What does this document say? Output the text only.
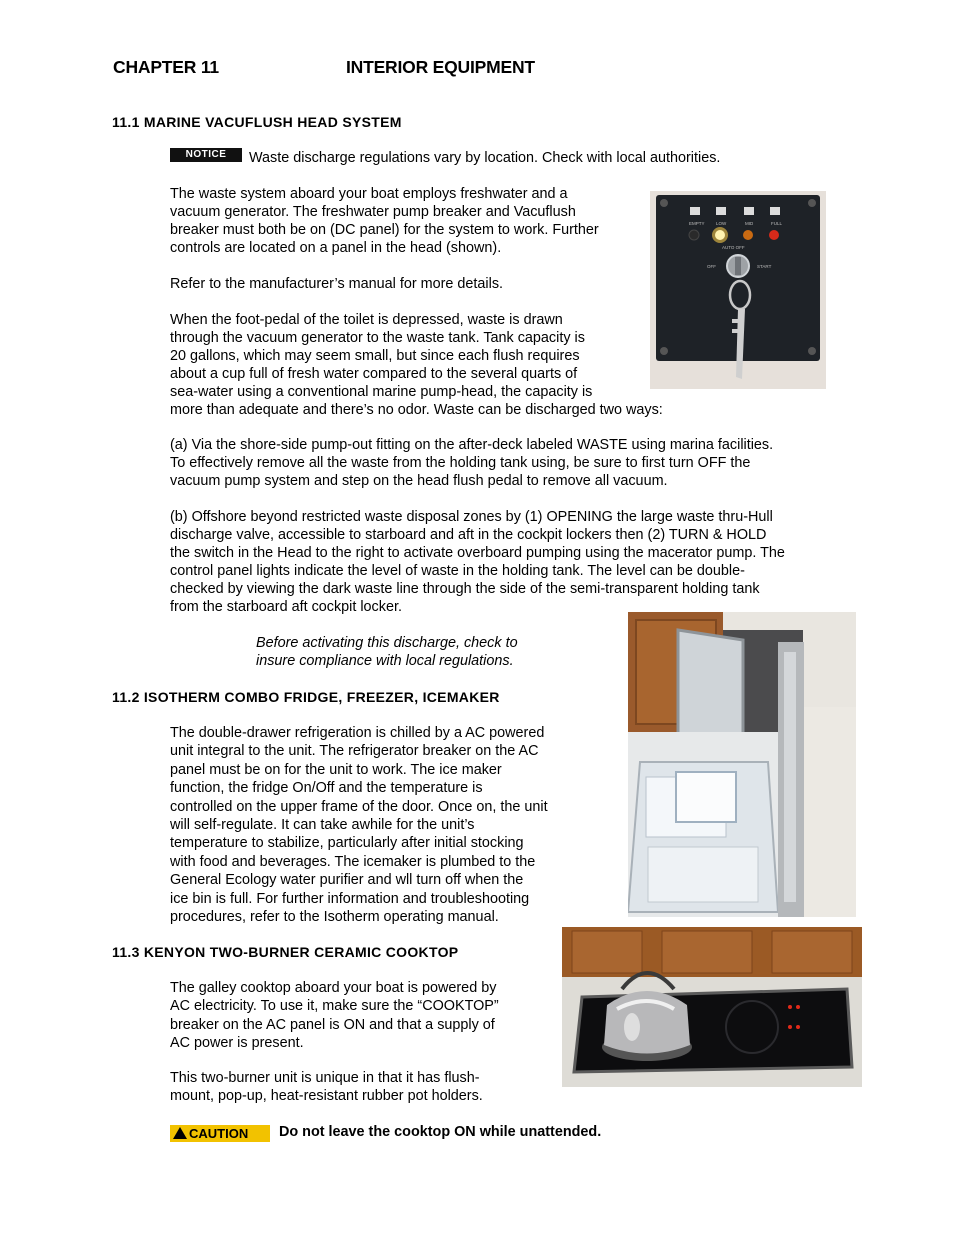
CHAPTER 11	INTERIOR EQUIPMENT
11.1 MARINE VACUFLUSH HEAD SYSTEM
NOTICE	Waste discharge regulations vary by location. Check with local authorities.

The waste system aboard your boat employs freshwater and a

vacuum generator. The freshwater pump breaker and Vacuflush

breaker must both be on (DC panel) for the system to work. Further

controls are located on a panel in the head (shown).

Refer to the manufacturer’s manual for more details.

When the foot-pedal of the toilet is depressed, waste is drawn

through the vacuum generator to the waste tank. Tank capacity is

20 gallons, which may seem small, but since each flush requires

about a cup full of fresh water compared to the several quarts of

sea-water using a conventional marine pump-head, the capacity is

more than adequate and there’s no odor. Waste can be discharged two ways:

(a) Via the shore-side pump-out fitting on the after-deck labeled WASTE using marina facilities.

To effectively remove all the waste from the holding tank using, be sure to first turn OFF the

vacuum pump system and step on the head flush pedal to remove all vacuum.

(b) Offshore beyond restricted waste disposal zones by (1) OPENING the large waste thru-Hull

discharge valve, accessible to starboard and aft in the cockpit lockers then (2) TURN & HOLD

the switch in the Head to the right to activate overboard pumping using the macerator pump. The

control panel lights indicate the level of waste in the holding tank. The level can be double-

checked by viewing the dark waste line through the side of the semi-transparent holding tank

from the starboard aft cockpit locker.

Before activating this discharge, check to
insure compliance with local regulations.
EMPTY	LOW	MID	FULL
AUTO OFF
OFF	START
11.2 ISOTHERM COMBO FRIDGE, FREEZER, ICEMAKER

The double-drawer refrigeration is chilled by a AC powered

unit integral to the unit. The refrigerator breaker on the AC

panel must be on for the unit to work. The ice maker

function, the fridge On/Off and the temperature is

controlled on the upper frame of the door. Once on, the unit

will self-regulate. It can take awhile for the unit’s

temperature to stabilize, particularly after initial stocking

with food and beverages. The icemaker is plumbed to the

General Ecology water purifier and wll turn off when the

ice bin is full. For further information and troubleshooting

procedures, refer to the Isotherm operating manual.

11.3 KENYON TWO-BURNER CERAMIC COOKTOP

The galley cooktop aboard your boat is powered by

AC electricity. To use it, make sure the “COOKTOP”

breaker on the AC panel is ON and that a supply of

AC power is present.

This two-burner unit is unique in that it has flush-

mount, pop-up, heat-resistant rubber pot holders.

CAUTION	Do not leave the cooktop ON while unattended.
